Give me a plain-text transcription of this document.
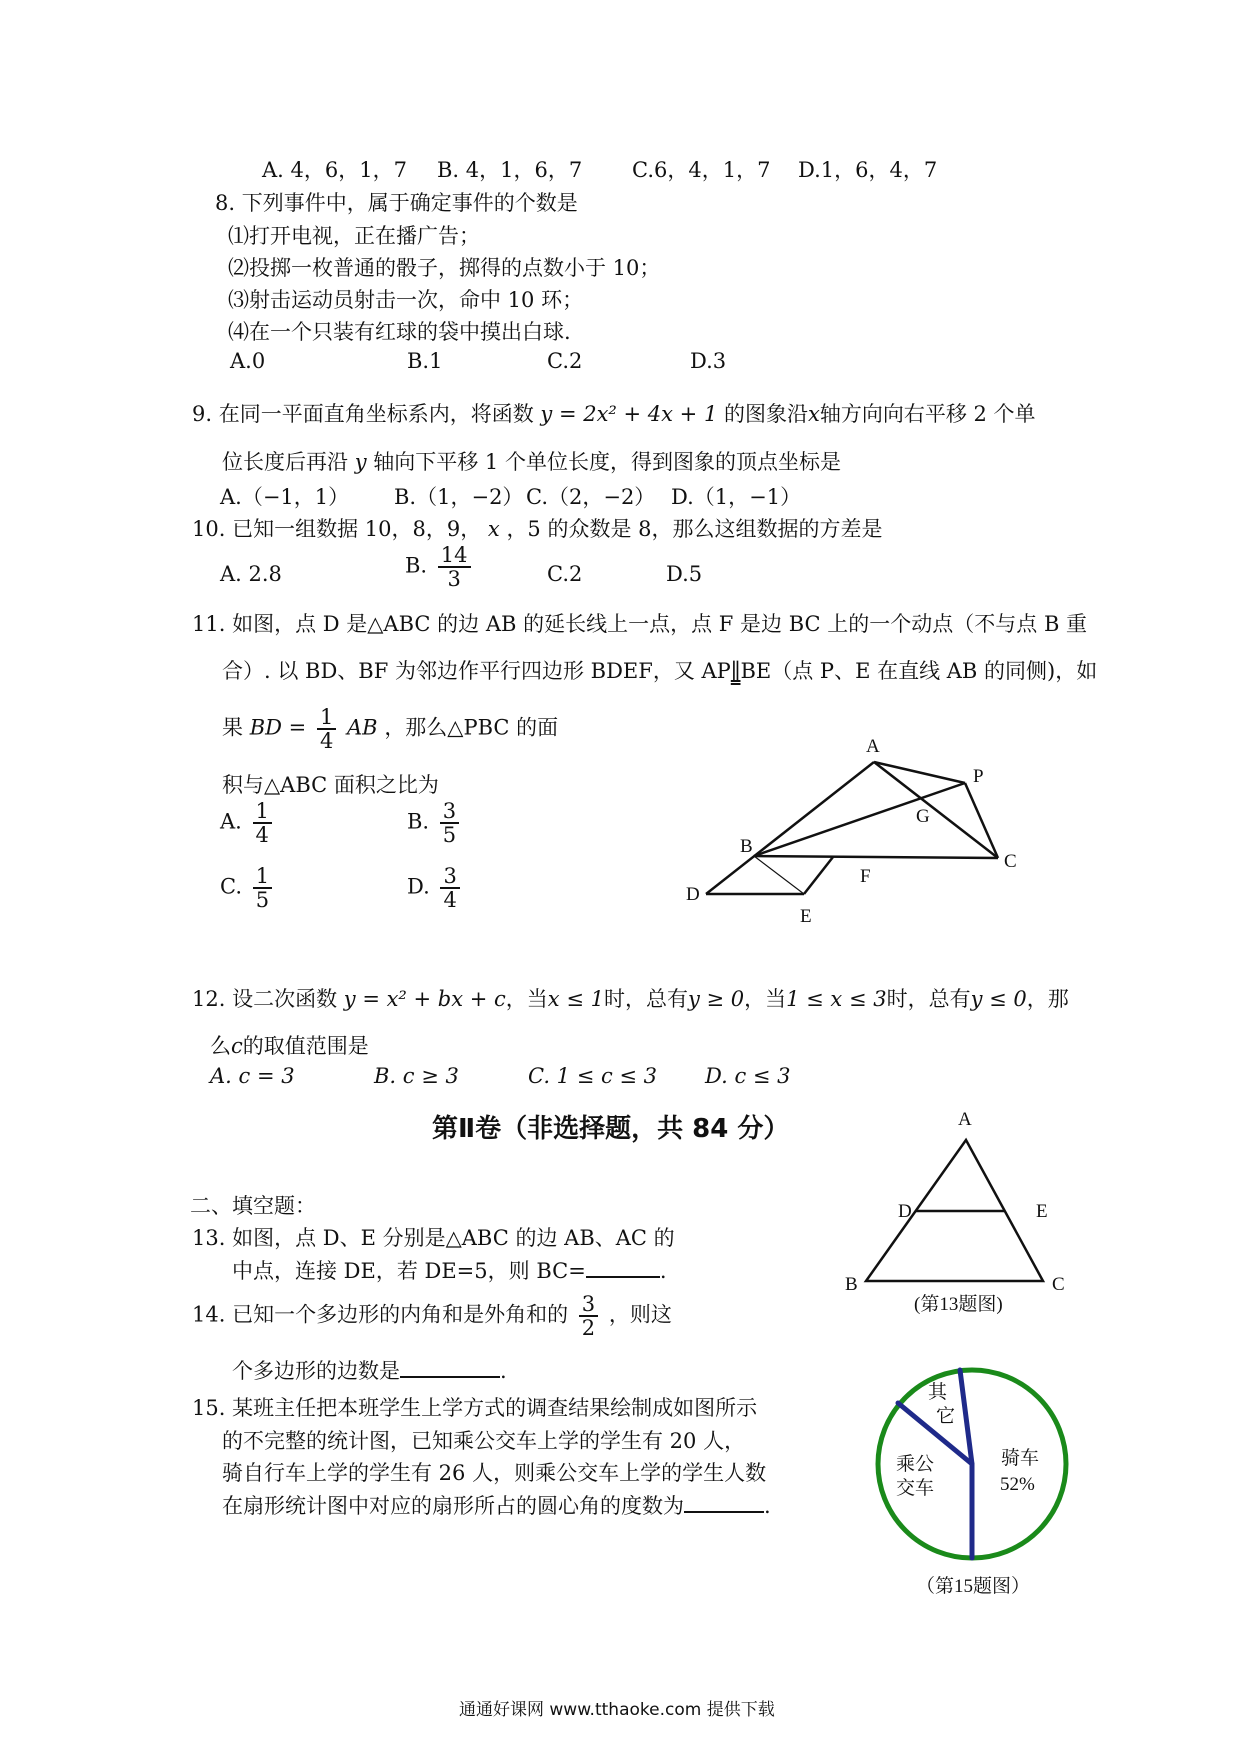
A. 4，6，1，7 B. 4，1，6，7 C.6，4，1，7 D.1，6，4，7
8. 下列事件中，属于确定事件的个数是
⑴打开电视，正在播广告；
⑵投掷一枚普通的骰子，掷得的点数小于 10；
⑶射击运动员射击一次，命中 10 环；
⑷在一个只装有红球的袋中摸出白球.
A.0	B.1	C.2	D.3
9. 在同一平面直角坐标系内，将函数 y = 2x² + 4x + 1 的图象沿x轴方向向右平移 2 个单
位长度后再沿 y 轴向下平移 1 个单位长度，得到图象的顶点坐标是
A.（−1，1） B.（1，−2） C.（2，−2） D.（1，−1）
10. 已知一组数据 10，8，9， x ，5 的众数是 8，那么这组数据的方差是
A. 2.8	B. $\frac{14}{3}$	C.2	D.5
11. 如图，点 D 是△ABC 的边 AB 的延长线上一点，点 F 是边 BC 上的一个动点（不与点 B 重
合）. 以 BD、BF 为邻边作平行四边形 BDEF，又 AP∥BE（点 P、E 在直线 AB 的同侧)，如
果 BD = $\frac{1}{4}$ AB ，那么△PBC 的面
积与△ABC 面积之比为
A. $\frac{1}{4}$	B. $\frac{3}{5}$
C. $\frac{1}{5}$	D. $\frac{3}{4}$
A
P
G
B
C
F
D
E
12. 设二次函数 y = x² + bx + c，当x ≤ 1时，总有y ≥ 0，当1 ≤ x ≤ 3时，总有y ≤ 0，那
么c的取值范围是
A. c = 3	B. c ≥ 3	C. 1 ≤ c ≤ 3 D. c ≤ 3
第Ⅱ卷（非选择题，共 84 分）
二、填空题：
13. 如图，点 D、E 分别是△ABC 的边 AB、AC 的
中点，连接 DE，若 DE=5，则 BC=	.
A
D	E
B	C
(第13题图)
14. 已知一个多边形的内角和是外角和的 $\frac{3}{2}$ ，则这
个多边形的边数是	.
15. 某班主任把本班学生上学方式的调查结果绘制成如图所示
的不完整的统计图，已知乘公交车上学的学生有 20 人，
骑自行车上学的学生有 26 人，则乘公交车上学的学生人数
在扇形统计图中对应的扇形所占的圆心角的度数为	.
其
它
乘公
交车
骑车
52%
（第15题图）
通通好课网 www.tthaoke.com 提供下载
